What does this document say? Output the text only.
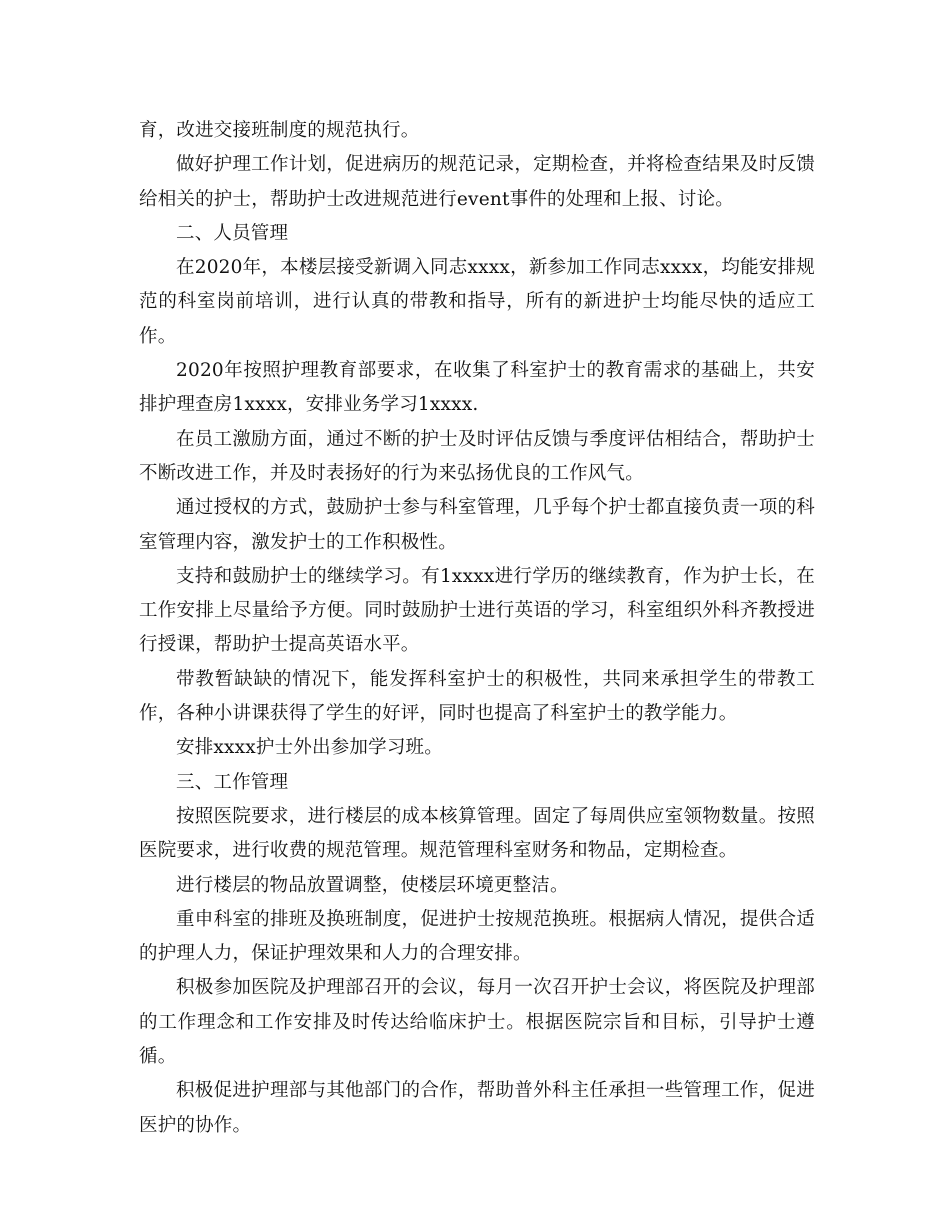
育，改进交接班制度的规范执行。

做好护理工作计划，促进病历的规范记录，定期检查，并将检查结果及时反馈给相关的护士，帮助护士改进规范进行event事件的处理和上报、讨论。

二、人员管理

在2020年，本楼层接受新调入同志xxxx，新参加工作同志xxxx，均能安排规范的科室岗前培训，进行认真的带教和指导，所有的新进护士均能尽快的适应工作。

2020年按照护理教育部要求，在收集了科室护士的教育需求的基础上，共安排护理查房1xxxx，安排业务学习1xxxx.

在员工激励方面，通过不断的护士及时评估反馈与季度评估相结合，帮助护士不断改进工作，并及时表扬好的行为来弘扬优良的工作风气。

通过授权的方式，鼓励护士参与科室管理，几乎每个护士都直接负责一项的科室管理内容，激发护士的工作积极性。

支持和鼓励护士的继续学习。有1xxxx进行学历的继续教育，作为护士长，在工作安排上尽量给予方便。同时鼓励护士进行英语的学习，科室组织外科齐教授进行授课，帮助护士提高英语水平。

带教暂缺缺的情况下，能发挥科室护士的积极性，共同来承担学生的带教工作，各种小讲课获得了学生的好评，同时也提高了科室护士的教学能力。

安排xxxx护士外出参加学习班。

三、工作管理

按照医院要求，进行楼层的成本核算管理。固定了每周供应室领物数量。按照医院要求，进行收费的规范管理。规范管理科室财务和物品，定期检查。

进行楼层的物品放置调整，使楼层环境更整洁。

重申科室的排班及换班制度，促进护士按规范换班。根据病人情况，提供合适的护理人力，保证护理效果和人力的合理安排。

积极参加医院及护理部召开的会议，每月一次召开护士会议，将医院及护理部的工作理念和工作安排及时传达给临床护士。根据医院宗旨和目标，引导护士遵循。

积极促进护理部与其他部门的合作，帮助普外科主任承担一些管理工作，促进医护的协作。
